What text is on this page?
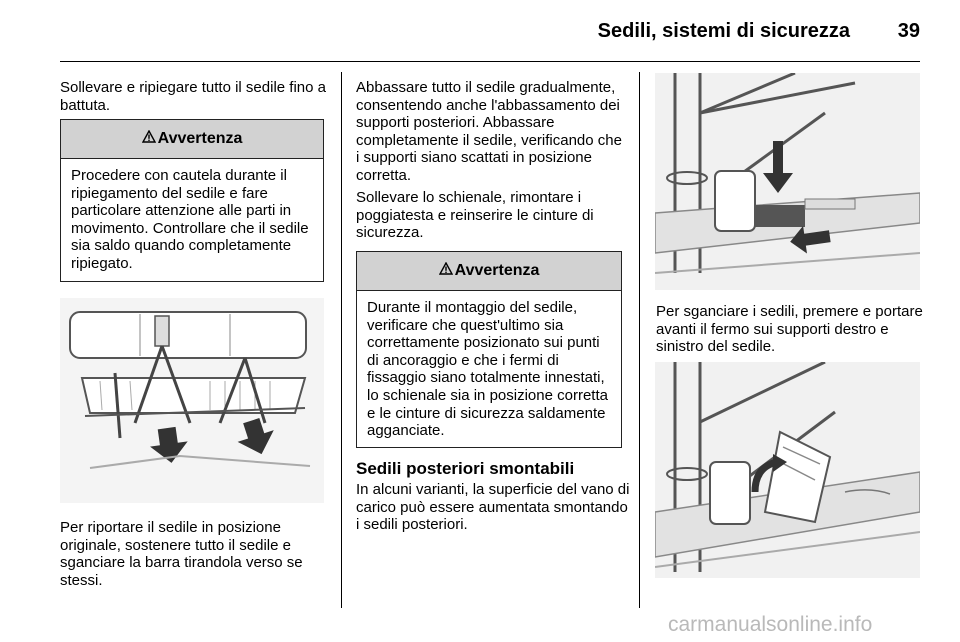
Sedili, sistemi di sicurezza	39

Sollevare e ripiegare tutto il sedile fino a battuta.

Avvertenza
Procedere con cautela durante il ripiegamento del sedile e fare particolare attenzione alle parti in movimento. Controllare che il sedile sia saldo quando completamente ripiegato.

Per riportare il sedile in posizione originale, sostenere tutto il sedile e sganciare la barra tirandola verso se stessi.

Abbassare tutto il sedile gradualmente, consentendo anche l'abbassamento dei supporti posteriori. Abbassare completamente il sedile, verificando che i supporti siano scattati in posizione corretta.

Sollevare lo schienale, rimontare i poggiatesta e reinserire le cinture di sicurezza.

Avvertenza
Durante il montaggio del sedile, verificare che quest'ultimo sia correttamente posizionato sui punti di ancoraggio e che i fermi di fissaggio siano totalmente innestati, lo schienale sia in posizione corretta e le cinture di sicurezza saldamente agganciate.
Sedili posteriori smontabili

In alcuni varianti, la superficie del vano di carico può essere aumentata smontando i sedili posteriori.

Per sganciare i sedili, premere e portare avanti il fermo sui supporti destro e sinistro del sedile.

carmanualsonline.info
